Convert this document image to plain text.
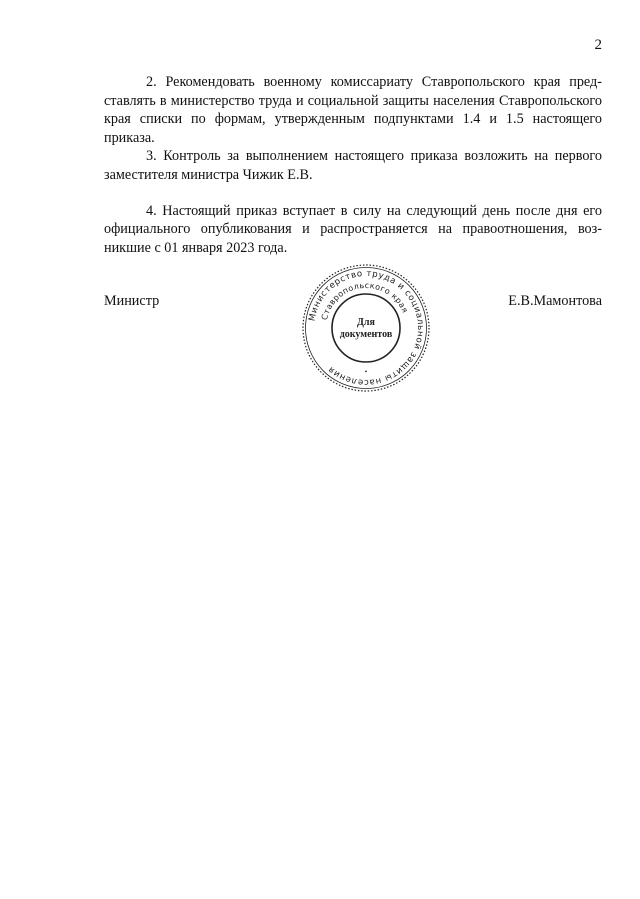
2

2. Рекомендовать военному комиссариату Ставропольского края представлять в министерство труда и социальной защиты населения Ставропольского края списки по формам, утвержденным подпунктами 1.4 и 1.5 настоящего приказа.

3. Контроль за выполнением настоящего приказа возложить на первого заместителя министра Чижик Е.В.

4. Настоящий приказ вступает в силу на следующий день после дня его официального опубликования и распространяется на правоотношения, возникшие с 01 января 2023 года.

Министр	Е.В.Мамонтова
Министерство труда и социальной защиты населения
Ставропольского края
Для
документов
•
